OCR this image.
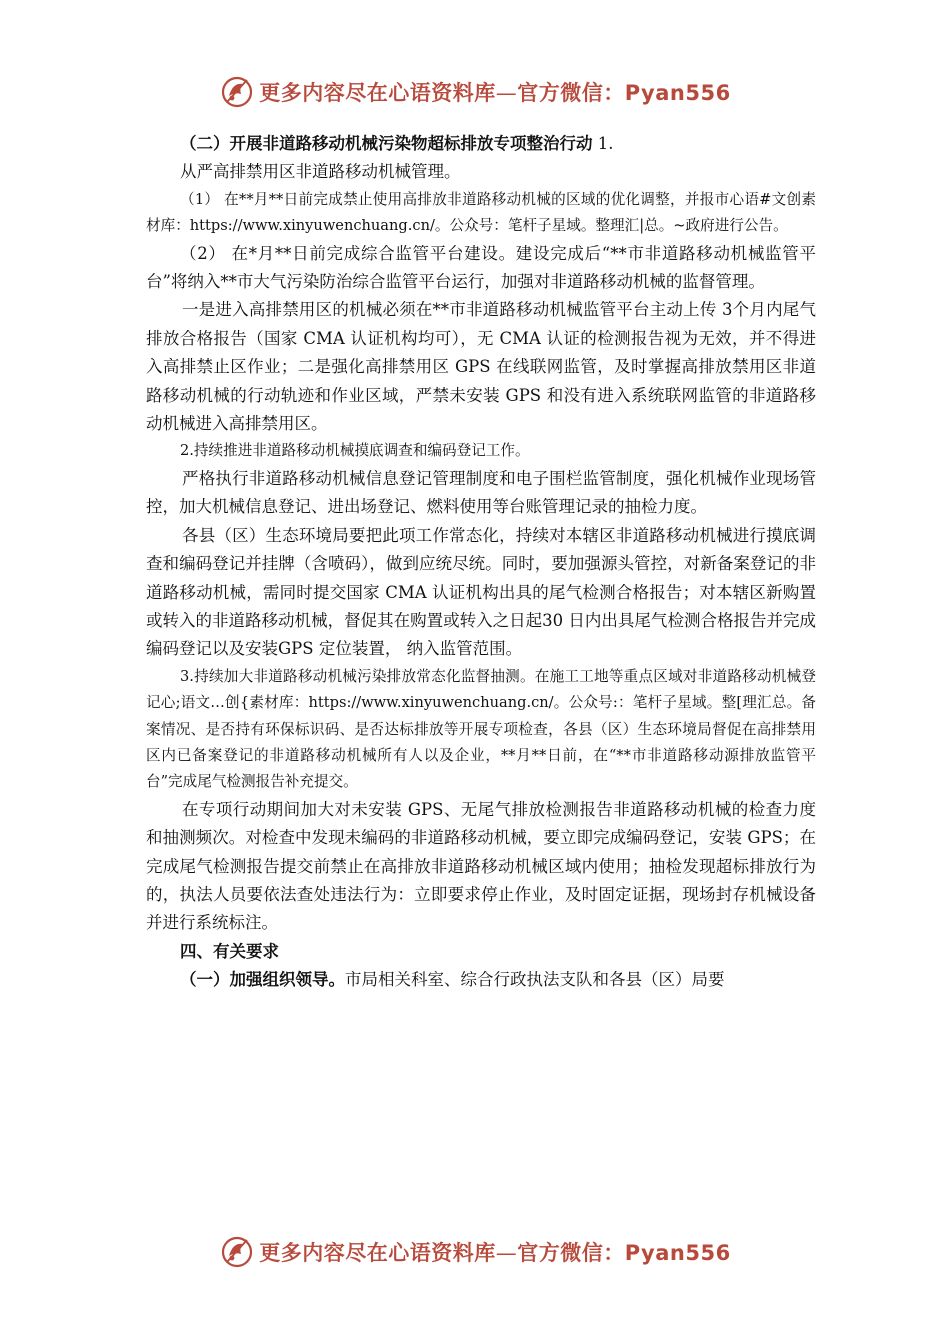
更多内容尽在心语资料库—官方微信：Pyan556

（二）开展非道路移动机械污染物超标排放专项整治行动 1.

从严高排禁用区非道路移动机械管理。

（1） 在**月**日前完成禁止使用高排放非道路移动机械的区域的优化调整，并报市心语#文创素材库：https://www.xinyuwenchuang.cn/。公众号：笔杆子星域。整理汇|总。~政府进行公告。

（2） 在*月**日前完成综合监管平台建设。建设完成后“**市非道路移动机械监管平台”将纳入**市大气污染防治综合监管平台运行，加强对非道路移动机械的监督管理。

一是进入高排禁用区的机械必须在**市非道路移动机械监管平台主动上传 3个月内尾气排放合格报告（国家 CMA 认证机构均可），无 CMA 认证的检测报告视为无效，并不得进入高排禁止区作业；二是强化高排禁用区 GPS 在线联网监管，及时掌握高排放禁用区非道路移动机械的行动轨迹和作业区域，严禁未安装 GPS 和没有进入系统联网监管的非道路移动机械进入高排禁用区。

2.持续推进非道路移动机械摸底调查和编码登记工作。

严格执行非道路移动机械信息登记管理制度和电子围栏监管制度，强化机械作业现场管控，加大机械信息登记、进出场登记、燃料使用等台账管理记录的抽检力度。

各县（区）生态环境局要把此项工作常态化，持续对本辖区非道路移动机械进行摸底调查和编码登记并挂牌（含喷码），做到应统尽统。同时，要加强源头管控，对新备案登记的非道路移动机械，需同时提交国家 CMA 认证机构出具的尾气检测合格报告；对本辖区新购置或转入的非道路移动机械，督促其在购置或转入之日起30 日内出具尾气检测合格报告并完成编码登记以及安装GPS 定位装置， 纳入监管范围。

3.持续加大非道路移动机械污染排放常态化监督抽测。在施工工地等重点区域对非道路移动机械登记心;语文…创{素材库：https://www.xinyuwenchuang.cn/。公众号:：笔杆子星域。整[理汇总。备案情况、是否持有环保标识码、是否达标排放等开展专项检查，各县（区）生态环境局督促在高排禁用区内已备案登记的非道路移动机械所有人以及企业，**月**日前，在“**市非道路移动源排放监管平台”完成尾气检测报告补充提交。

在专项行动期间加大对未安装 GPS、无尾气排放检测报告非道路移动机械的检查力度和抽测频次。对检查中发现未编码的非道路移动机械，要立即完成编码登记，安装 GPS；在完成尾气检测报告提交前禁止在高排放非道路移动机械区域内使用；抽检发现超标排放行为的，执法人员要依法查处违法行为：立即要求停止作业，及时固定证据，现场封存机械设备并进行系统标注。

四、有关要求

（一）加强组织领导。市局相关科室、综合行政执法支队和各县（区）局要

更多内容尽在心语资料库—官方微信：Pyan556
